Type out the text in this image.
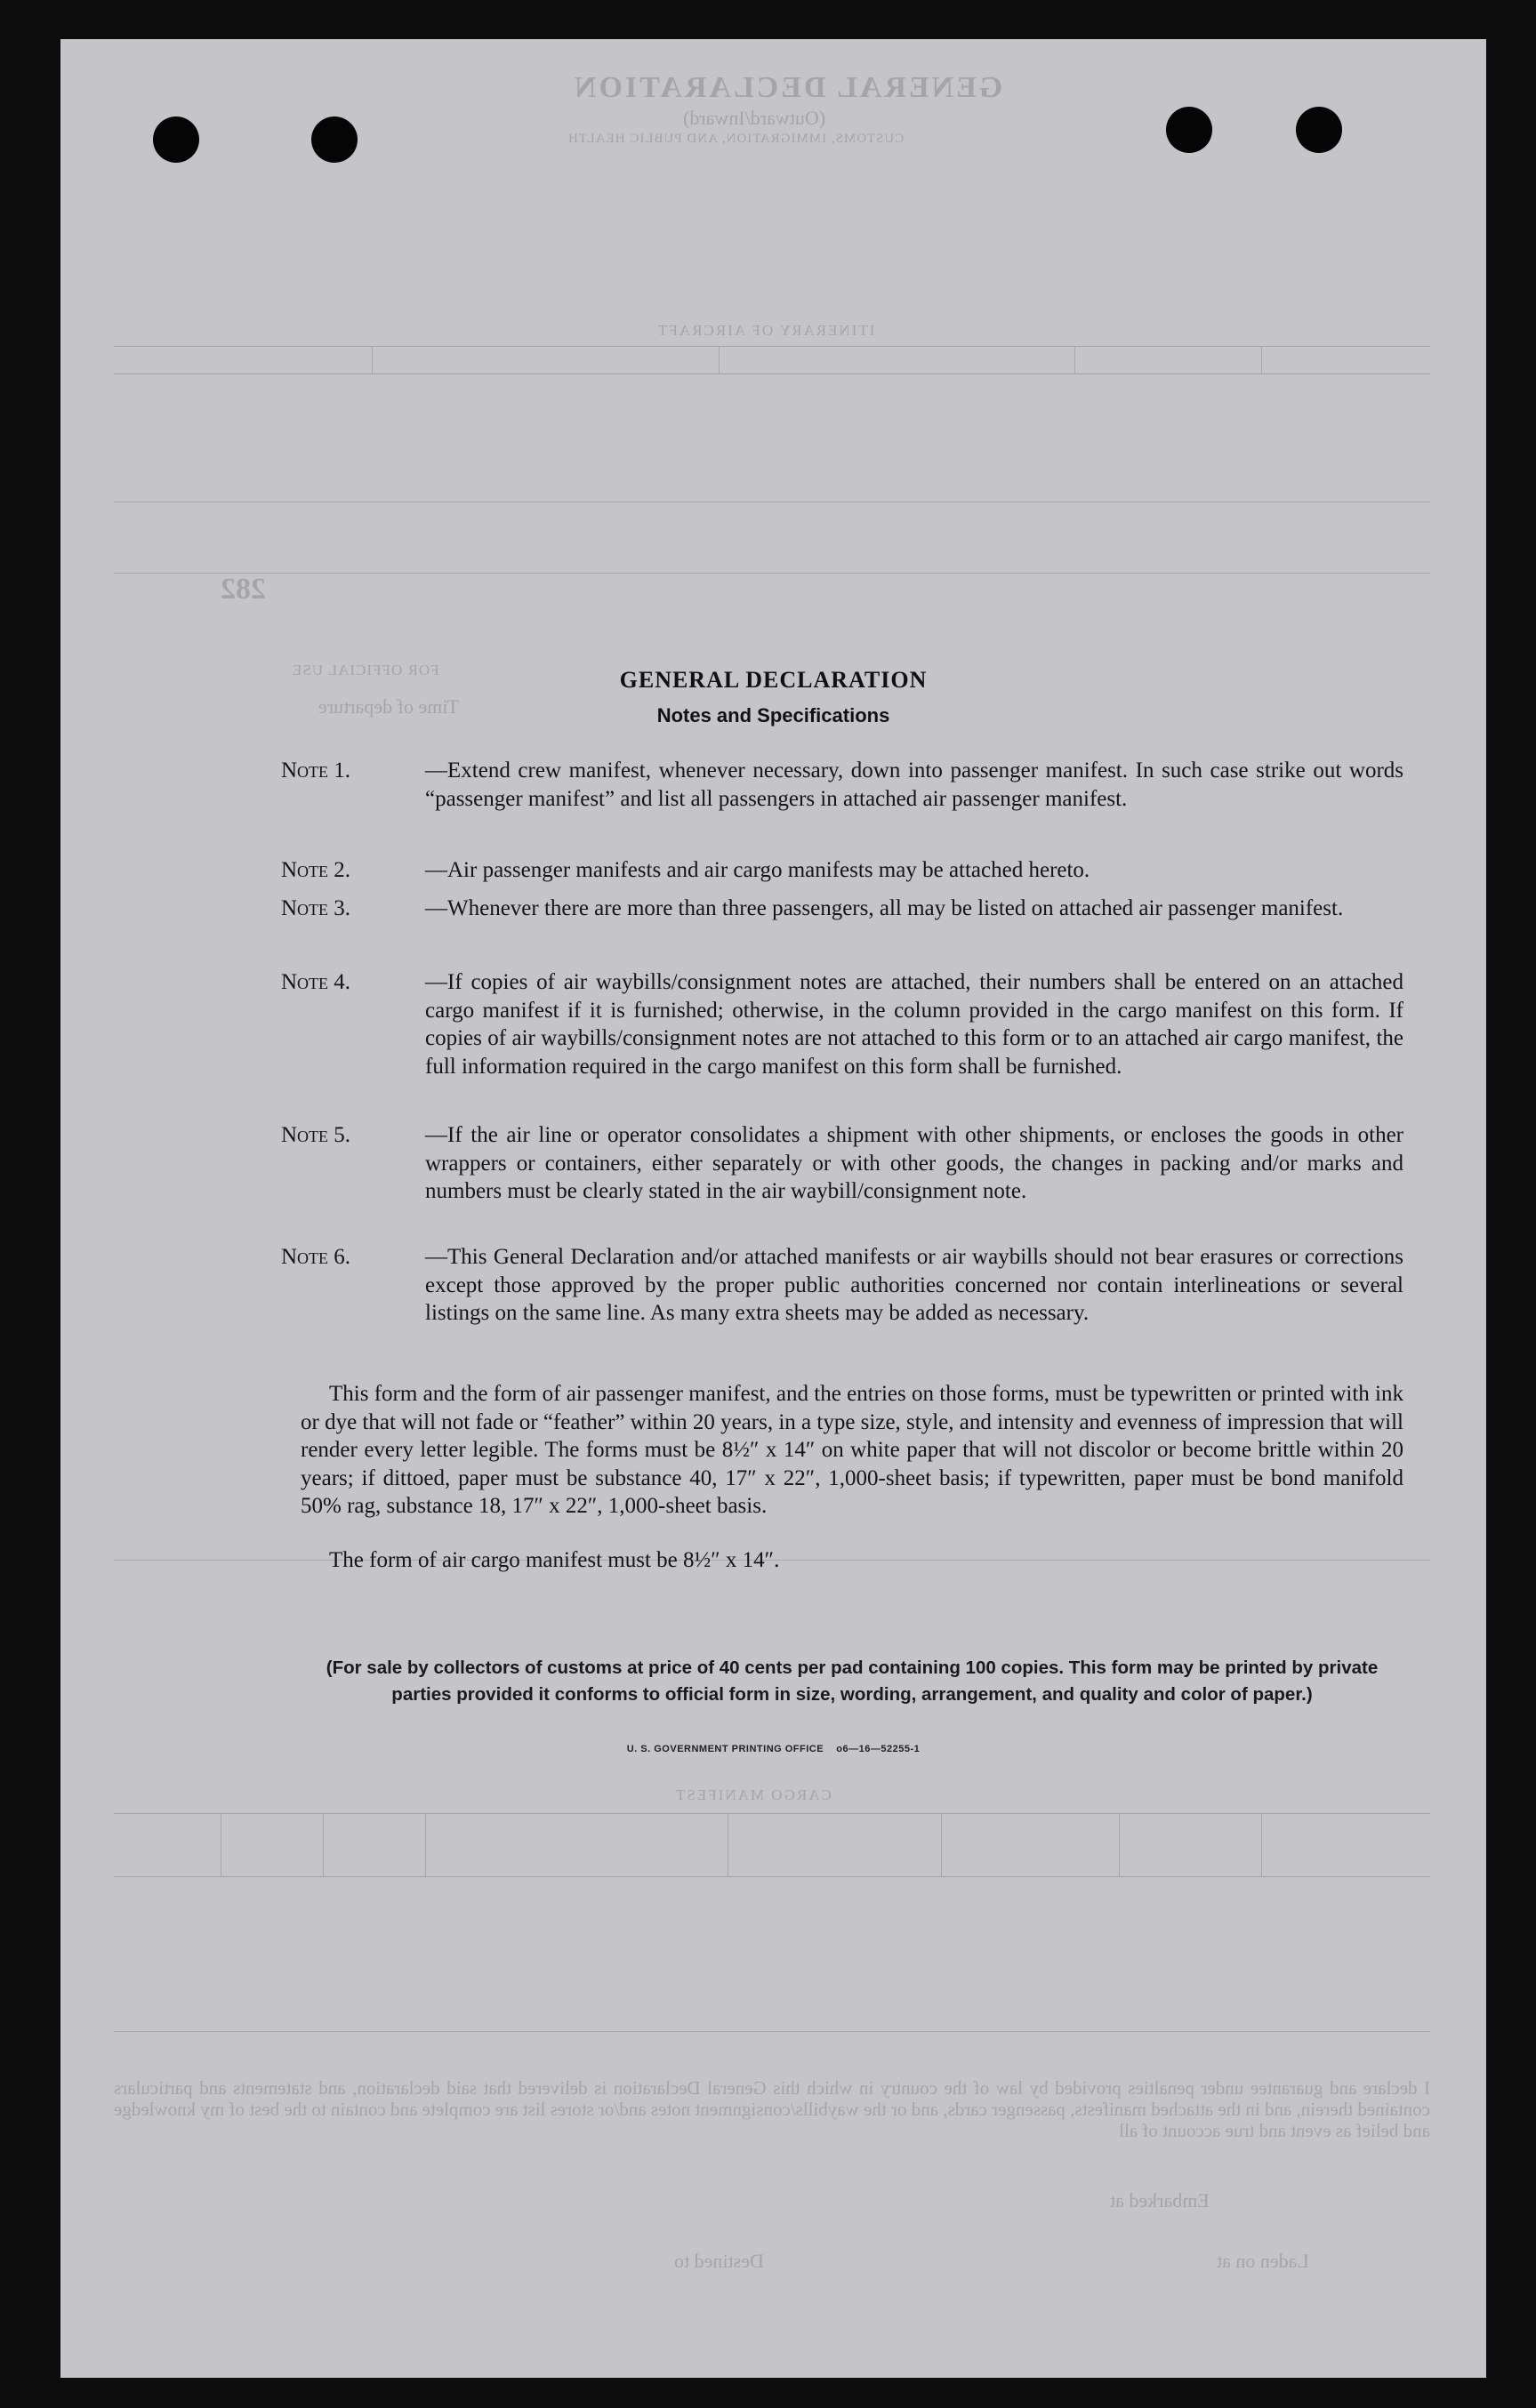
GENERAL DECLARATION
(Outward/Inward)
CUSTOMS, IMMIGRATION, AND PUBLIC HEALTH
ITINERARY OF AIRCRAFT
282
FOR OFFICIAL USE
Time of departure
CARGO MANIFEST
I declare and guarantee under penalties provided by law of the country in which this General Declaration is delivered that said declaration, and statements and particulars contained therein, and in the attached manifests, passenger cards, and or the waybills/consignment notes and/or stores list are complete and contain to the best of my knowledge and belief as event and true account of all
Embarked at
Destined to	Laden on at
GENERAL DECLARATION
Notes and Specifications
Note 1.	—Extend crew manifest, whenever necessary, down into passenger manifest. In such case strike out words “passenger manifest” and list all passengers in attached air passenger manifest.
Note 2.	—Air passenger manifests and air cargo manifests may be attached hereto.
Note 3.	—Whenever there are more than three passengers, all may be listed on attached air passenger manifest.
Note 4.	—If copies of air waybills/consignment notes are attached, their numbers shall be entered on an attached cargo manifest if it is furnished; otherwise, in the column provided in the cargo manifest on this form. If copies of air waybills/consignment notes are not attached to this form or to an attached air cargo manifest, the full information required in the cargo manifest on this form shall be furnished.
Note 5.	—If the air line or operator consolidates a shipment with other shipments, or encloses the goods in other wrappers or containers, either separately or with other goods, the changes in packing and/or marks and numbers must be clearly stated in the air waybill/consignment note.
Note 6.	—This General Declaration and/or attached manifests or air waybills should not bear erasures or corrections except those approved by the proper public authorities concerned nor contain interlineations or several listings on the same line. As many extra sheets may be added as necessary.
This form and the form of air passenger manifest, and the entries on those forms, must be typewritten or printed with ink or dye that will not fade or “feather” within 20 years, in a type size, style, and intensity and evenness of impression that will render every letter legible. The forms must be 8½″ x 14″ on white paper that will not discolor or become brittle within 20 years; if dittoed, paper must be substance 40, 17″ x 22″, 1,000-sheet basis; if typewritten, paper must be bond manifold 50% rag, substance 18, 17″ x 22″, 1,000-sheet basis.
The form of air cargo manifest must be 8½″ x 14″.
(For sale by collectors of customs at price of 40 cents per pad containing 100 copies. This form may be printed by private parties provided it conforms to official form in size, wording, arrangement, and quality and color of paper.)
U. S. GOVERNMENT PRINTING OFFICE    o6—16—52255-1
